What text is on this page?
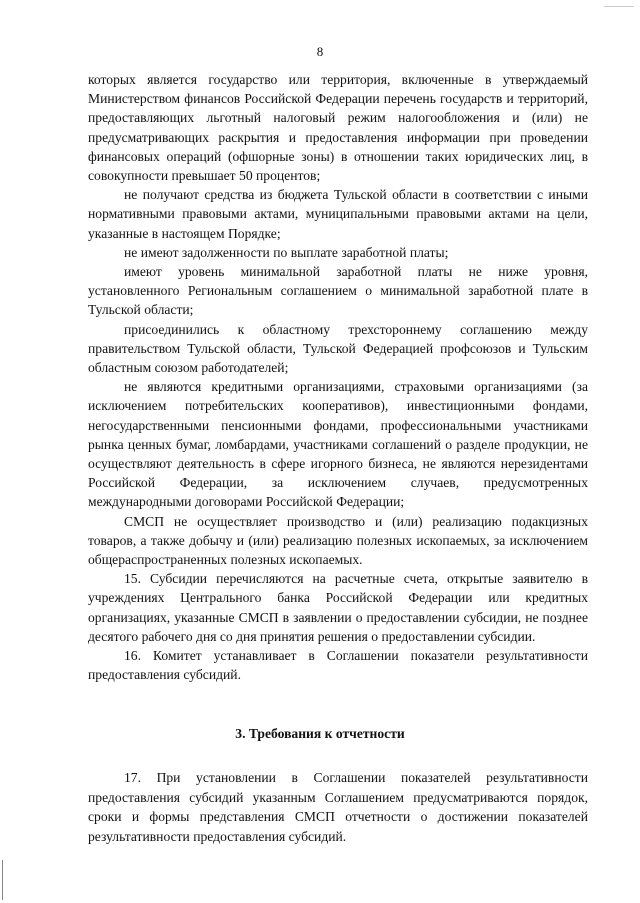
8

которых является государство или территория, включенные в утверждаемый Министерством финансов Российской Федерации перечень государств и территорий, предоставляющих льготный налоговый режим налогообложения и (или) не предусматривающих раскрытия и предоставления информации при проведении финансовых операций (офшорные зоны) в отношении таких юридических лиц, в совокупности превышает 50 процентов;

не получают средства из бюджета Тульской области в соответствии с иными нормативными правовыми актами, муниципальными правовыми актами на цели, указанные в настоящем Порядке;

не имеют задолженности по выплате заработной платы;

имеют уровень минимальной заработной платы не ниже уровня, установленного Региональным соглашением о минимальной заработной плате в Тульской области;

присоединились к областному трехстороннему соглашению между правительством Тульской области, Тульской Федерацией профсоюзов и Тульским областным союзом работодателей;

не являются кредитными организациями, страховыми организациями (за исключением потребительских кооперативов), инвестиционными фондами, негосударственными пенсионными фондами, профессиональными участниками рынка ценных бумаг, ломбардами, участниками соглашений о разделе продукции, не осуществляют деятельность в сфере игорного бизнеса, не являются нерезидентами Российской Федерации, за исключением случаев, предусмотренных международными договорами Российской Федерации;

СМСП не осуществляет производство и (или) реализацию подакцизных товаров, а также добычу и (или) реализацию полезных ископаемых, за исключением общераспространенных полезных ископаемых.

15. Субсидии перечисляются на расчетные счета, открытые заявителю в учреждениях Центрального банка Российской Федерации или кредитных организациях, указанные СМСП в заявлении о предоставлении субсидии, не позднее десятого рабочего дня со дня принятия решения о предоставлении субсидии.

16. Комитет устанавливает в Соглашении показатели результативности предоставления субсидий.

3. Требования к отчетности

17. При установлении в Соглашении показателей результативности предоставления субсидий указанным Соглашением предусматриваются порядок, сроки и формы представления СМСП отчетности о достижении показателей результативности предоставления субсидий.
